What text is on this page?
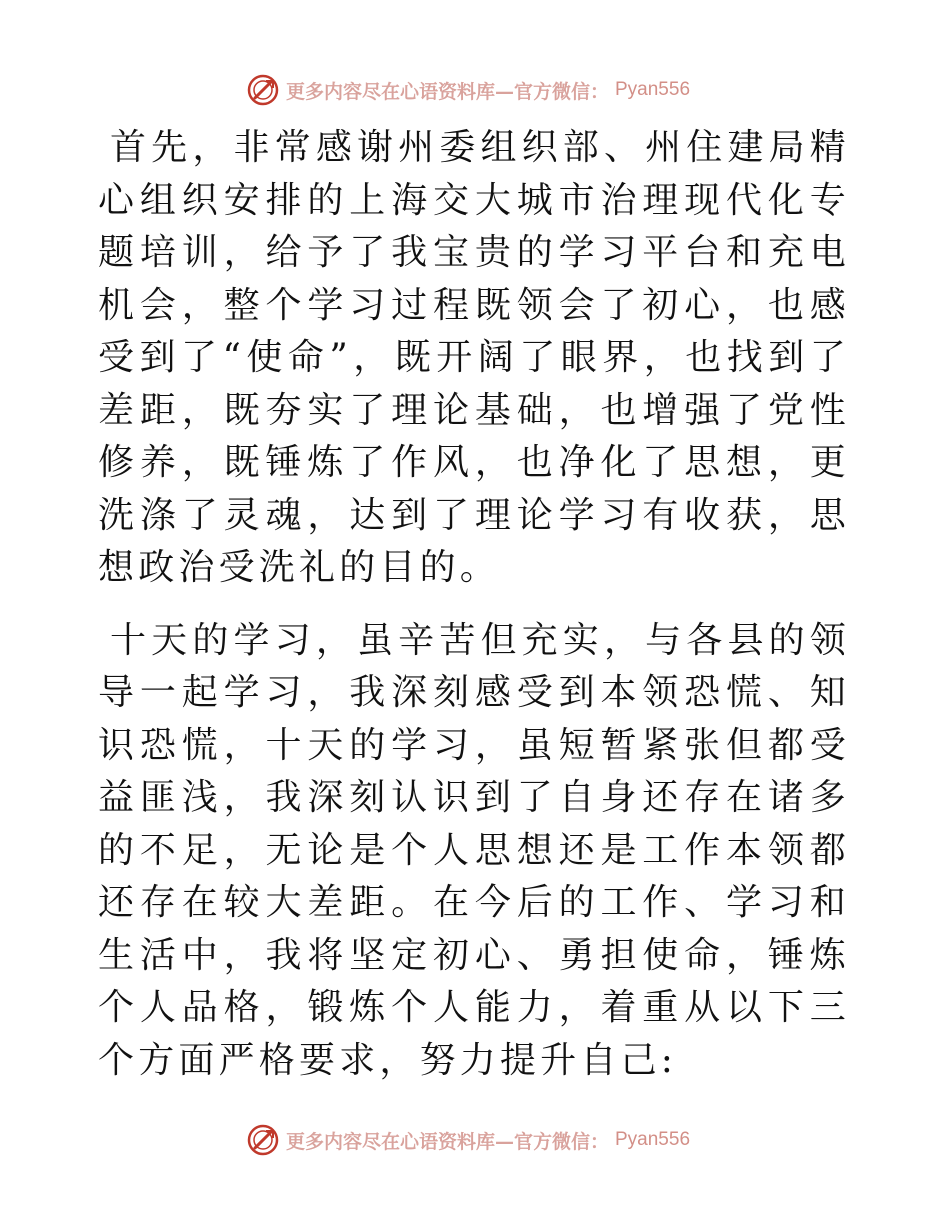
更多内容尽在心语资料库—官方微信： Pyan556

首先，非常感谢州委组织部、州住建局精心组织安排的上海交大城市治理现代化专题培训，给予了我宝贵的学习平台和充电机会，整个学习过程既领会了初心，也感受到了“使命”，既开阔了眼界，也找到了差距，既夯实了理论基础，也增强了党性修养，既锤炼了作风，也净化了思想，更洗涤了灵魂，达到了理论学习有收获，思想政治受洗礼的目的。

十天的学习，虽辛苦但充实，与各县的领导一起学习，我深刻感受到本领恐慌、知识恐慌，十天的学习，虽短暂紧张但都受益匪浅，我深刻认识到了自身还存在诸多的不足，无论是个人思想还是工作本领都还存在较大差距。在今后的工作、学习和生活中，我将坚定初心、勇担使命，锤炼个人品格，锻炼个人能力，着重从以下三个方面严格要求，努力提升自己:

更多内容尽在心语资料库—官方微信： Pyan556
